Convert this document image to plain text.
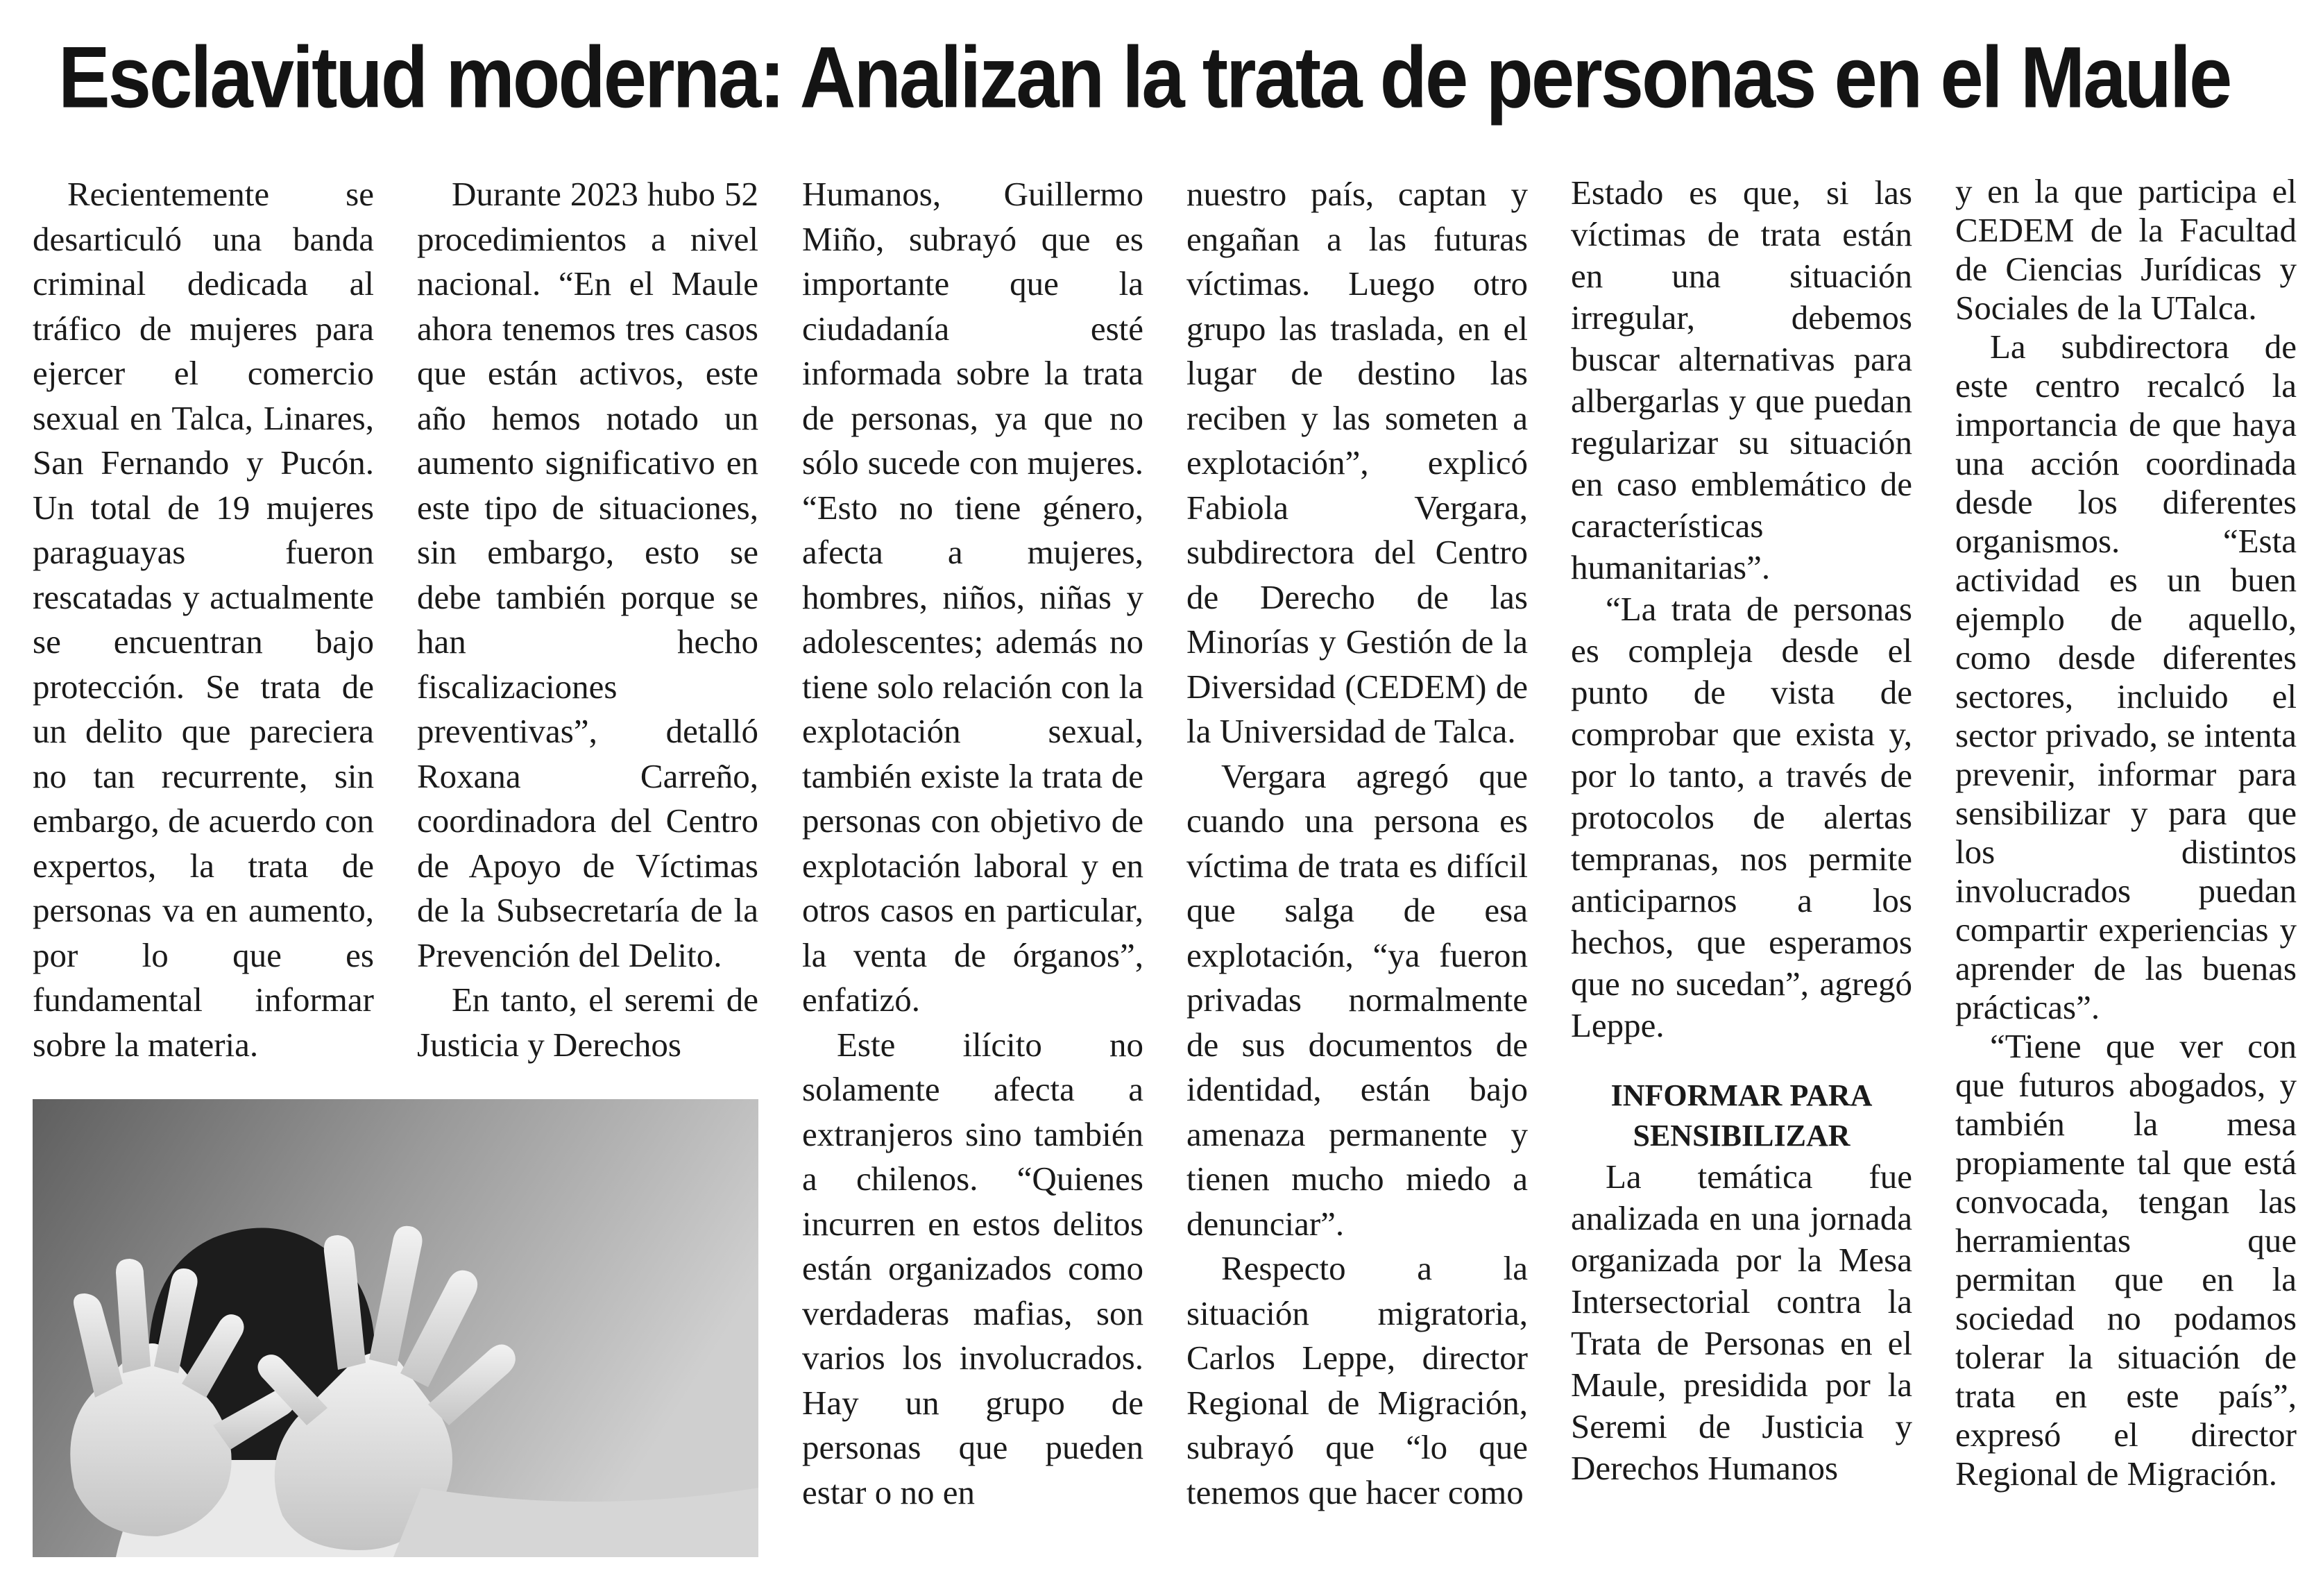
Esclavitud moderna: Analizan la trata de personas en el Maule

Recientemente se desarticuló una banda criminal dedicada al tráfico de mujeres para ejercer el comercio sexual en Talca, Linares, San Fernando y Pucón. Un total de 19 mujeres paraguayas fueron rescatadas y actualmente se encuentran bajo protección. Se trata de un delito que pareciera no tan recurrente, sin embargo, de acuerdo con expertos, la trata de personas va en aumento, por lo que es fundamental informar sobre la materia.

Durante 2023 hubo 52 procedimientos a nivel nacional. “En el Maule ahora tenemos tres casos que están activos, este año hemos notado un aumento significativo en este tipo de situaciones, sin embargo, esto se debe también porque se han hecho fiscalizaciones preventivas”, detalló Roxana Carreño, coordinadora del Centro de Apoyo de Víctimas de la Subsecretaría de la Prevención del Delito.

En tanto, el seremi de Justicia y Derechos

Humanos, Guillermo Miño, subrayó que es importante que la ciudadanía esté informada sobre la trata de personas, ya que no sólo sucede con mujeres. “Esto no tiene género, afecta a mujeres, hombres, niños, niñas y adolescentes; además no tiene solo relación con la explotación sexual, también existe la trata de personas con objetivo de explotación laboral y en otros casos en particular, la venta de órganos”, enfatizó.

Este ilícito no solamente afecta a extranjeros sino también a chilenos. “Quienes incurren en estos delitos están organizados como verdaderas mafias, son varios los involucrados. Hay un grupo de personas que pueden estar o no en

nuestro país, captan y engañan a las futuras víctimas. Luego otro grupo las traslada, en el lugar de destino las reciben y las someten a explotación”, explicó Fabiola Vergara, subdirectora del Centro de Derecho de las Minorías y Gestión de la Diversidad (CEDEM) de la Universidad de Talca.

Vergara agregó que cuando una persona es víctima de trata es difícil que salga de esa explotación, “ya fueron privadas normalmente de sus documentos de identidad, están bajo amenaza permanente y tienen mucho miedo a denunciar”.

Respecto a la situación migratoria, Carlos Leppe, director Regional de Migración, subrayó que “lo que tenemos que hacer como

Estado es que, si las víctimas de trata están en una situación irregular, debemos buscar alternativas para albergarlas y que puedan regularizar su situación en caso emblemático de características humanitarias”.

“La trata de personas es compleja desde el punto de vista de comprobar que exista y, por lo tanto, a través de protocolos de alertas tempranas, nos permite anticiparnos a los hechos, que esperamos que no sucedan”, agregó Leppe.

INFORMAR PARA SENSIBILIZAR

La temática fue analizada en una jornada organizada por la Mesa Intersectorial contra la Trata de Personas en el Maule, presidida por la Seremi de Justicia y Derechos Humanos

y en la que participa el CEDEM de la Facultad de Ciencias Jurídicas y Sociales de la UTalca.

La subdirectora de este centro recalcó la importancia de que haya una acción coordinada desde los diferentes organismos. “Esta actividad es un buen ejemplo de aquello, como desde diferentes sectores, incluido el sector privado, se intenta prevenir, informar para sensibilizar y para que los distintos involucrados puedan compartir experiencias y aprender de las buenas prácticas”.

“Tiene que ver con que futuros abogados, y también la mesa propiamente tal que está convocada, tengan las herramientas que permitan que en la sociedad no podamos tolerar la situación de trata en este país”, expresó el director Regional de Migración.
